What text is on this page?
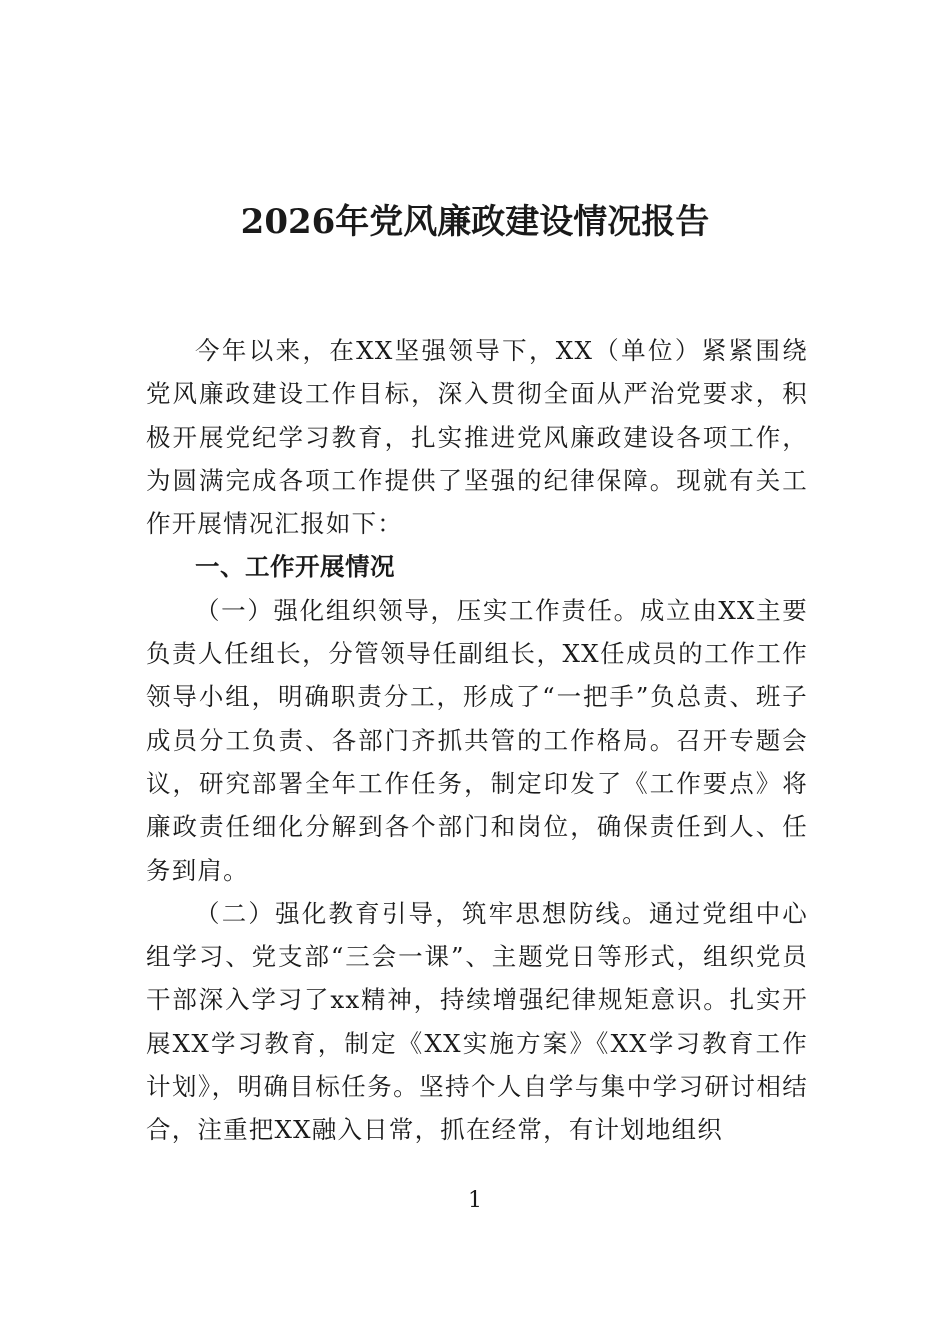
2026年党风廉政建设情况报告

今年以来，在XX坚强领导下，XX（单位）紧紧围绕党风廉政建设工作目标，深入贯彻全面从严治党要求，积极开展党纪学习教育，扎实推进党风廉政建设各项工作，为圆满完成各项工作提供了坚强的纪律保障。现就有关工作开展情况汇报如下：

一、工作开展情况

（一）强化组织领导，压实工作责任。成立由XX主要负责人任组长，分管领导任副组长，XX任成员的工作工作领导小组，明确职责分工，形成了“一把手”负总责、班子成员分工负责、各部门齐抓共管的工作格局。召开专题会议，研究部署全年工作任务，制定印发了《工作要点》将廉政责任细化分解到各个部门和岗位，确保责任到人、任务到肩。

（二）强化教育引导，筑牢思想防线。通过党组中心组学习、党支部“三会一课”、主题党日等形式，组织党员干部深入学习了xx精神，持续增强纪律规矩意识。扎实开展XX学习教育，制定《XX实施方案》《XX学习教育工作计划》，明确目标任务。坚持个人自学与集中学习研讨相结合，注重把XX融入日常，抓在经常，有计划地组织

1
